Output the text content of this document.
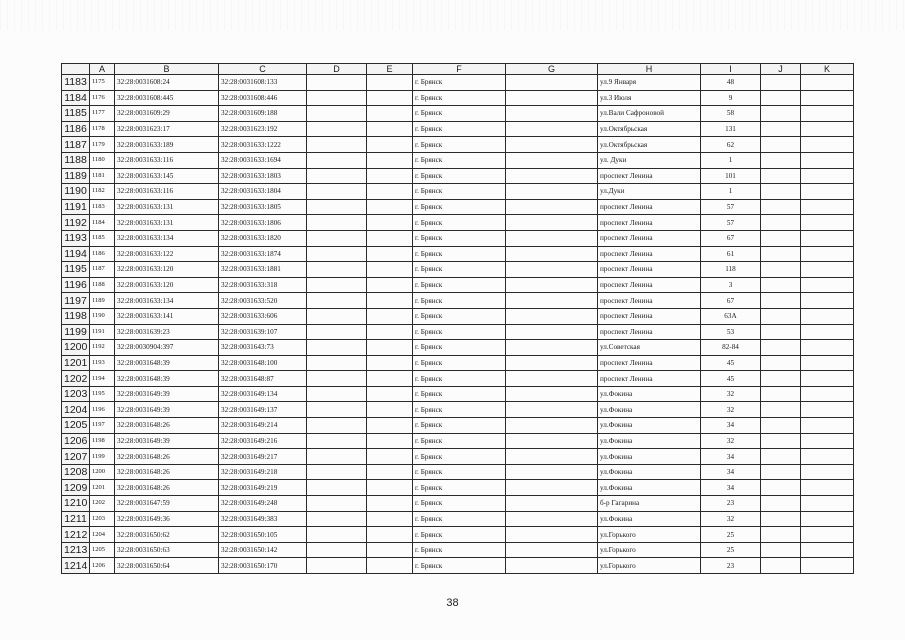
	A	B	C	D	E	F	G	H	I	J	K	
1183	1175	32:28:0031608:24	32:28:0031608:133			г. Брянск		ул.9 Января	48			
1184	1176	32:28:0031608:445	32:28:0031608:446			г. Брянск		ул.3 Июля	9			
1185	1177	32:28:0031609:29	32:28:0031609:188			г. Брянск		ул.Вали Сафроновой	58			
1186	1178	32:28:0031623:17	32:28:0031623:192			г. Брянск		ул.Октябрьская	131			
1187	1179	32:28:0031633:189	32:28:0031633:1222			г. Брянск		ул.Октябрьская	62			
1188	1180	32:28:0031633:116	32:28:0031633:1694			г. Брянск		ул. Дуки	1			
1189	1181	32:28:0031633:145	32:28:0031633:1803			г. Брянск		проспект Ленина	101			
1190	1182	32:28:0031633:116	32:28:0031633:1804			г. Брянск		ул.Дуки	1			
1191	1183	32:28:0031633:131	32:28:0031633:1805			г. Брянск		проспект Ленина	57			
1192	1184	32:28:0031633:131	32:28:0031633:1806			г. Брянск		проспект Ленина	57			
1193	1185	32:28:0031633:134	32:28:0031633:1820			г. Брянск		проспект Ленина	67			
1194	1186	32:28:0031633:122	32:28:0031633:1874			г. Брянск		проспект Ленина	61			
1195	1187	32:28:0031633:120	32:28:0031633:1881			г. Брянск		проспект Ленина	118			
1196	1188	32:28:0031633:120	32:28:0031633:318			г. Брянск		проспект Ленина	3			
1197	1189	32:28:0031633:134	32:28:0031633:520			г. Брянск		проспект Ленина	67			
1198	1190	32:28:0031633:141	32:28:0031633:606			г. Брянск		проспект Ленина	63А			
1199	1191	32:28:0031639:23	32:28:0031639:107			г. Брянск		проспект Ленина	53			
1200	1192	32:28:0030904:397	32:28:0031643:73			г. Брянск		ул.Советская	82-84			
1201	1193	32:28:0031648:39	32:28:0031648:100			г. Брянск		проспект Ленина	45			
1202	1194	32:28:0031648:39	32:28:0031648:87			г. Брянск		проспект Ленина	45			
1203	1195	32:28:0031649:39	32:28:0031649:134			г. Брянск		ул.Фокина	32			
1204	1196	32:28:0031649:39	32:28:0031649:137			г. Брянск		ул.Фокина	32			
1205	1197	32:28:0031648:26	32:28:0031649:214			г. Брянск		ул.Фокина	34			
1206	1198	32:28:0031649:39	32:28:0031649:216			г. Брянск		ул.Фокина	32			
1207	1199	32:28:0031648:26	32:28:0031649:217			г. Брянск		ул.Фокина	34			
1208	1200	32:28:0031648:26	32:28:0031649:218			г. Брянск		ул.Фокина	34			
1209	1201	32:28:0031648:26	32:28:0031649:219			г. Брянск		ул.Фокина	34			
1210	1202	32:28:0031647:59	32:28:0031649:248			г. Брянск		б-р Гагарина	23			
1211	1203	32:28:0031649:36	32:28:0031649:383			г. Брянск		ул.Фокина	32			
1212	1204	32:28:0031650:62	32:28:0031650:105			г. Брянск		ул.Горького	25			
1213	1205	32:28:0031650:63	32:28:0031650:142			г. Брянск		ул.Горького	25			
1214	1206	32:28:0031650:64	32:28:0031650:170			г. Брянск		ул.Горького	23			
38
